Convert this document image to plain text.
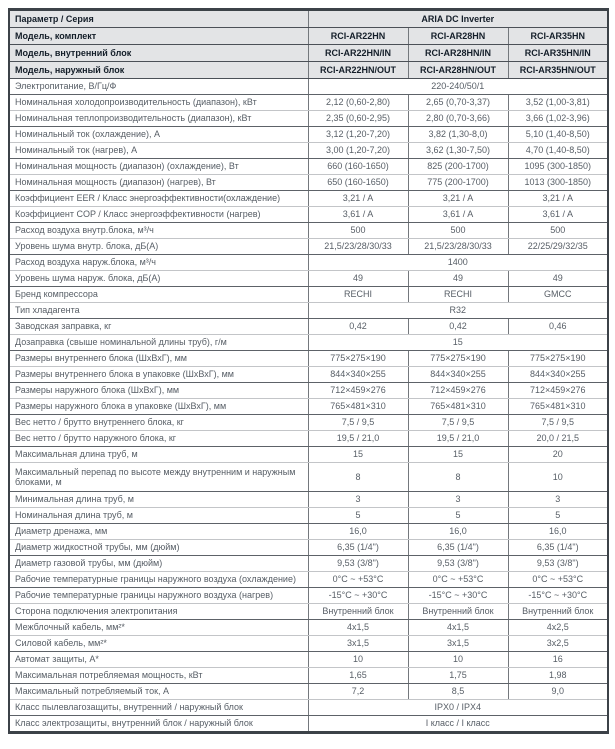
Параметр / Серия	ARIA DC Inverter		
Модель, комплект	RCI-AR22HN	RCI-AR28HN	RCI-AR35HN
Модель, внутренний блок	RCI-AR22HN/IN	RCI-AR28HN/IN	RCI-AR35HN/IN
Модель, наружный блок	RCI-AR22HN/OUT	RCI-AR28HN/OUT	RCI-AR35HN/OUT
Электропитание, В/Гц/Ф	220-240/50/1		
Номинальная холодопроизводительность (диапазон), кВт	2,12 (0,60-2,80)	2,65 (0,70-3,37)	3,52 (1,00-3,81)
Номинальная теплопроизводительность (диапазон), кВт	2,35 (0,60-2,95)	2,80 (0,70-3,66)	3,66 (1,02-3,96)
Номинальный ток (охлаждение), А	3,12 (1,20-7,20)	3,82 (1,30-8,0)	5,10 (1,40-8,50)
Номинальный ток (нагрев), А	3,00 (1,20-7,20)	3,62 (1,30-7,50)	4,70 (1,40-8,50)
Номинальная мощность (диапазон) (охлаждение), Вт	660 (160-1650)	825 (200-1700)	1095 (300-1850)
Номинальная мощность (диапазон) (нагрев), Вт	650 (160-1650)	775 (200-1700)	1013 (300-1850)
Коэффициент EER / Класс энергоэффективности(охлаждение)	3,21 / A	3,21 / A	3,21 / A
Коэффициент COP / Класс энергоэффективности (нагрев)	3,61 / A	3,61 / A	3,61 / A
Расход воздуха внутр.блока, м³/ч	500	500	500
Уровень шума внутр. блока, дБ(А)	21,5/23/28/30/33	21,5/23/28/30/33	22/25/29/32/35
Расход воздуха наруж.блока, м³/ч	1400		
Уровень шума наруж. блока, дБ(А)	49	49	49
Бренд компрессора	RECHI	RECHI	GMCC
Тип хладагента	R32		
Заводская заправка, кг	0,42	0,42	0,46
Дозаправка (свыше номинальной длины труб), г/м	15		
Размеры внутреннего блока (ШхВхГ), мм	775×275×190	775×275×190	775×275×190
Размеры внутреннего блока в упаковке (ШхВхГ), мм	844×340×255	844×340×255	844×340×255
Размеры наружного блока (ШхВхГ), мм	712×459×276	712×459×276	712×459×276
Размеры наружного блока в упаковке (ШхВхГ), мм	765×481×310	765×481×310	765×481×310
Вес нетто / брутто внутреннего блока, кг	7,5 / 9,5	7,5 / 9,5	7,5 / 9,5
Вес нетто / брутто наружного блока, кг	19,5 / 21,0	19,5 / 21,0	20,0 / 21,5
Максимальная длина труб, м	15	15	20
Максимальный перепад по высоте между внутренним и наружным блоками, м	8	8	10
Минимальная длина труб, м	3	3	3
Номинальная длина труб, м	5	5	5
Диаметр дренажа, мм	16,0	16,0	16,0
Диаметр жидкостной трубы, мм (дюйм)	6,35 (1/4")	6,35 (1/4")	6,35 (1/4")
Диаметр газовой трубы, мм (дюйм)	9,53 (3/8")	9,53 (3/8")	9,53 (3/8")
Рабочие температурные границы наружного воздуха (охлаждение)	0°C ~ +53°C	0°C ~ +53°C	0°C ~ +53°C
Рабочие температурные границы наружного воздуха (нагрев)	-15°C ~ +30°C	-15°C ~ +30°C	-15°C ~ +30°C
Сторона подключения электропитания	Внутренний блок	Внутренний блок	Внутренний блок
Межблочный кабель, мм²*	4x1,5	4x1,5	4x2,5
Силовой кабель, мм²*	3x1,5	3x1,5	3x2,5
Автомат защиты, А*	10	10	16
Максимальная потребляемая мощность, кВт	1,65	1,75	1,98
Максимальный потребляемый ток, А	7,2	8,5	9,0
Класс пылевлагозащиты, внутренний / наружный блок	IPX0 / IPX4		
Класс электрозащиты, внутренний блок / наружный блок	I класс / I класс		
